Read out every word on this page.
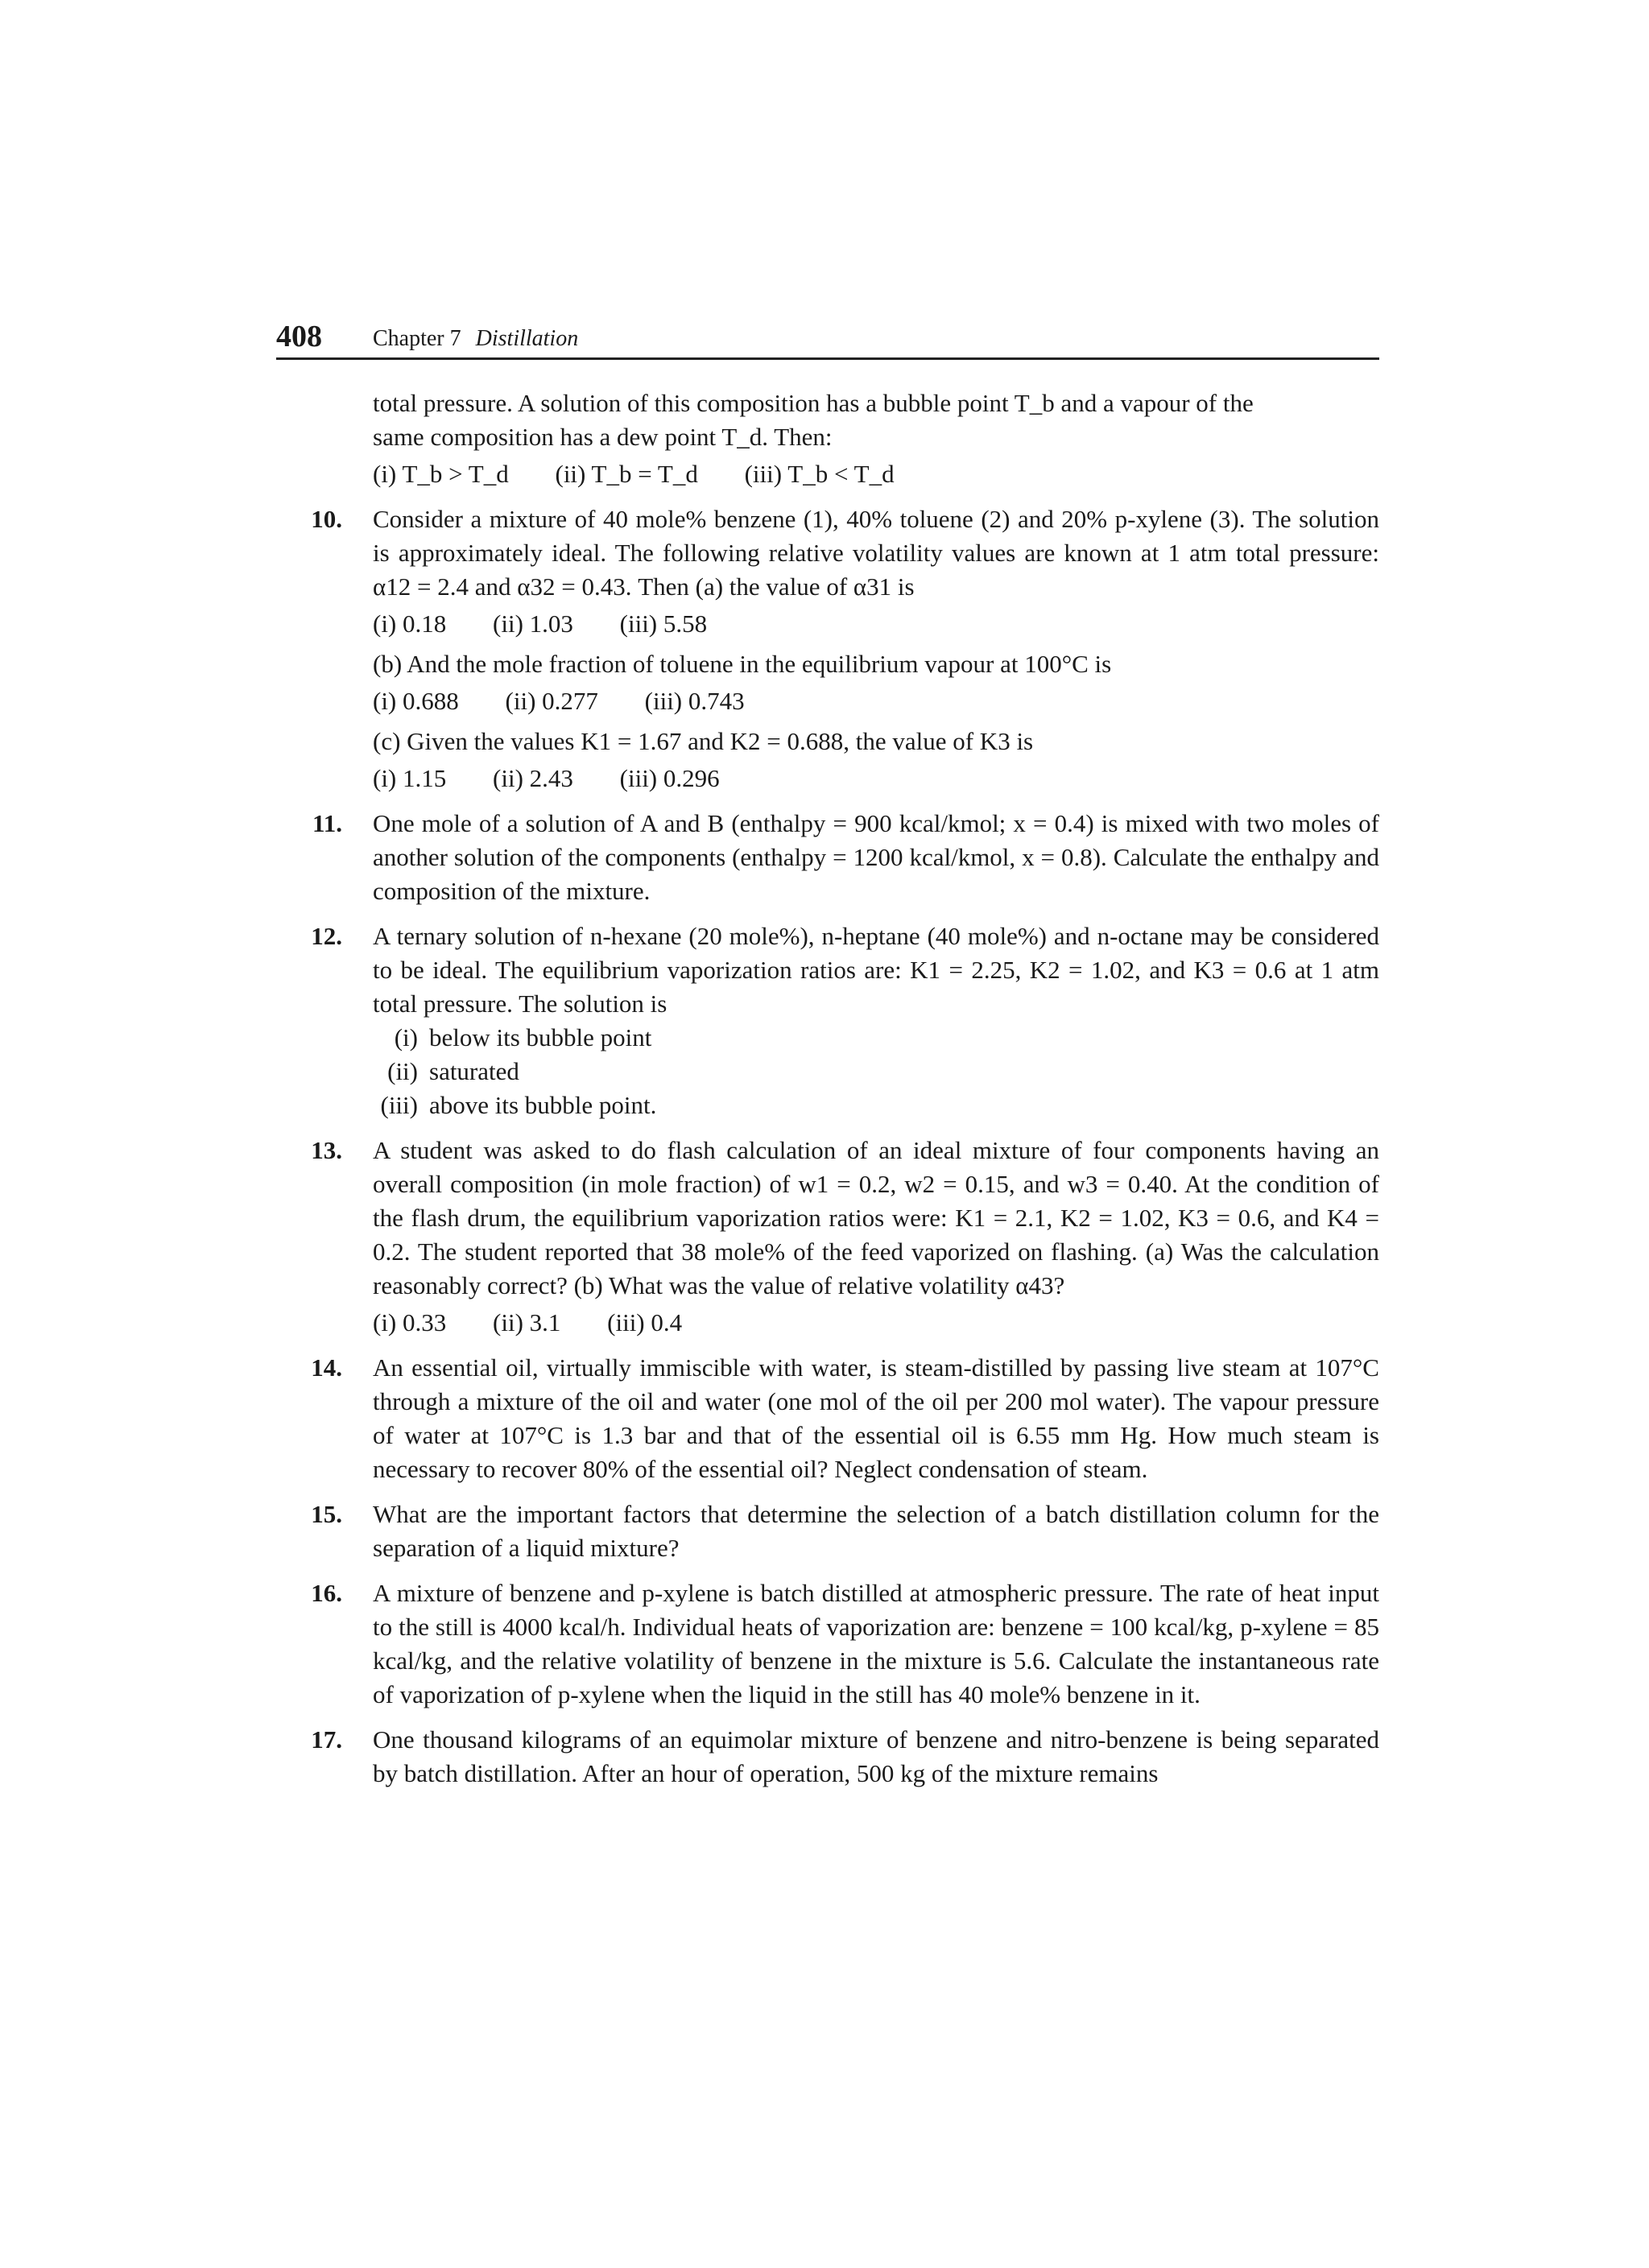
408 Chapter 7 Distillation
total pressure. A solution of this composition has a bubble point T_b and a vapour of the
same composition has a dew point T_d. Then:
(i) T_b > T_d (ii) T_b = T_d (iii) T_b < T_d
10. Consider a mixture of 40 mole% benzene (1), 40% toluene (2) and 20% p-xylene (3). The solution is approximately ideal. The following relative volatility values are known at 1 atm total pressure: α12 = 2.4 and α32 = 0.43. Then (a) the value of α31 is
(i) 0.18 (ii) 1.03 (iii) 5.58
(b) And the mole fraction of toluene in the equilibrium vapour at 100°C is
(i) 0.688 (ii) 0.277 (iii) 0.743
(c) Given the values K1 = 1.67 and K2 = 0.688, the value of K3 is
(i) 1.15 (ii) 2.43 (iii) 0.296
11. One mole of a solution of A and B (enthalpy = 900 kcal/kmol; x = 0.4) is mixed with two moles of another solution of the components (enthalpy = 1200 kcal/kmol, x = 0.8). Calculate the enthalpy and composition of the mixture.
12. A ternary solution of n-hexane (20 mole%), n-heptane (40 mole%) and n-octane may be considered to be ideal. The equilibrium vaporization ratios are: K1 = 2.25, K2 = 1.02, and K3 = 0.6 at 1 atm total pressure. The solution is
(i) below its bubble point
(ii) saturated
(iii) above its bubble point.
13. A student was asked to do flash calculation of an ideal mixture of four components having an overall composition (in mole fraction) of w1 = 0.2, w2 = 0.15, and w3 = 0.40. At the condition of the flash drum, the equilibrium vaporization ratios were: K1 = 2.1, K2 = 1.02, K3 = 0.6, and K4 = 0.2. The student reported that 38 mole% of the feed vaporized on flashing. (a) Was the calculation reasonably correct? (b) What was the value of relative volatility α43?
(i) 0.33 (ii) 3.1 (iii) 0.4
14. An essential oil, virtually immiscible with water, is steam-distilled by passing live steam at 107°C through a mixture of the oil and water (one mol of the oil per 200 mol water). The vapour pressure of water at 107°C is 1.3 bar and that of the essential oil is 6.55 mm Hg. How much steam is necessary to recover 80% of the essential oil? Neglect condensation of steam.
15. What are the important factors that determine the selection of a batch distillation column for the separation of a liquid mixture?
16. A mixture of benzene and p-xylene is batch distilled at atmospheric pressure. The rate of heat input to the still is 4000 kcal/h. Individual heats of vaporization are: benzene = 100 kcal/kg, p-xylene = 85 kcal/kg, and the relative volatility of benzene in the mixture is 5.6. Calculate the instantaneous rate of vaporization of p-xylene when the liquid in the still has 40 mole% benzene in it.
17. One thousand kilograms of an equimolar mixture of benzene and nitro-benzene is being separated by batch distillation. After an hour of operation, 500 kg of the mixture remains
